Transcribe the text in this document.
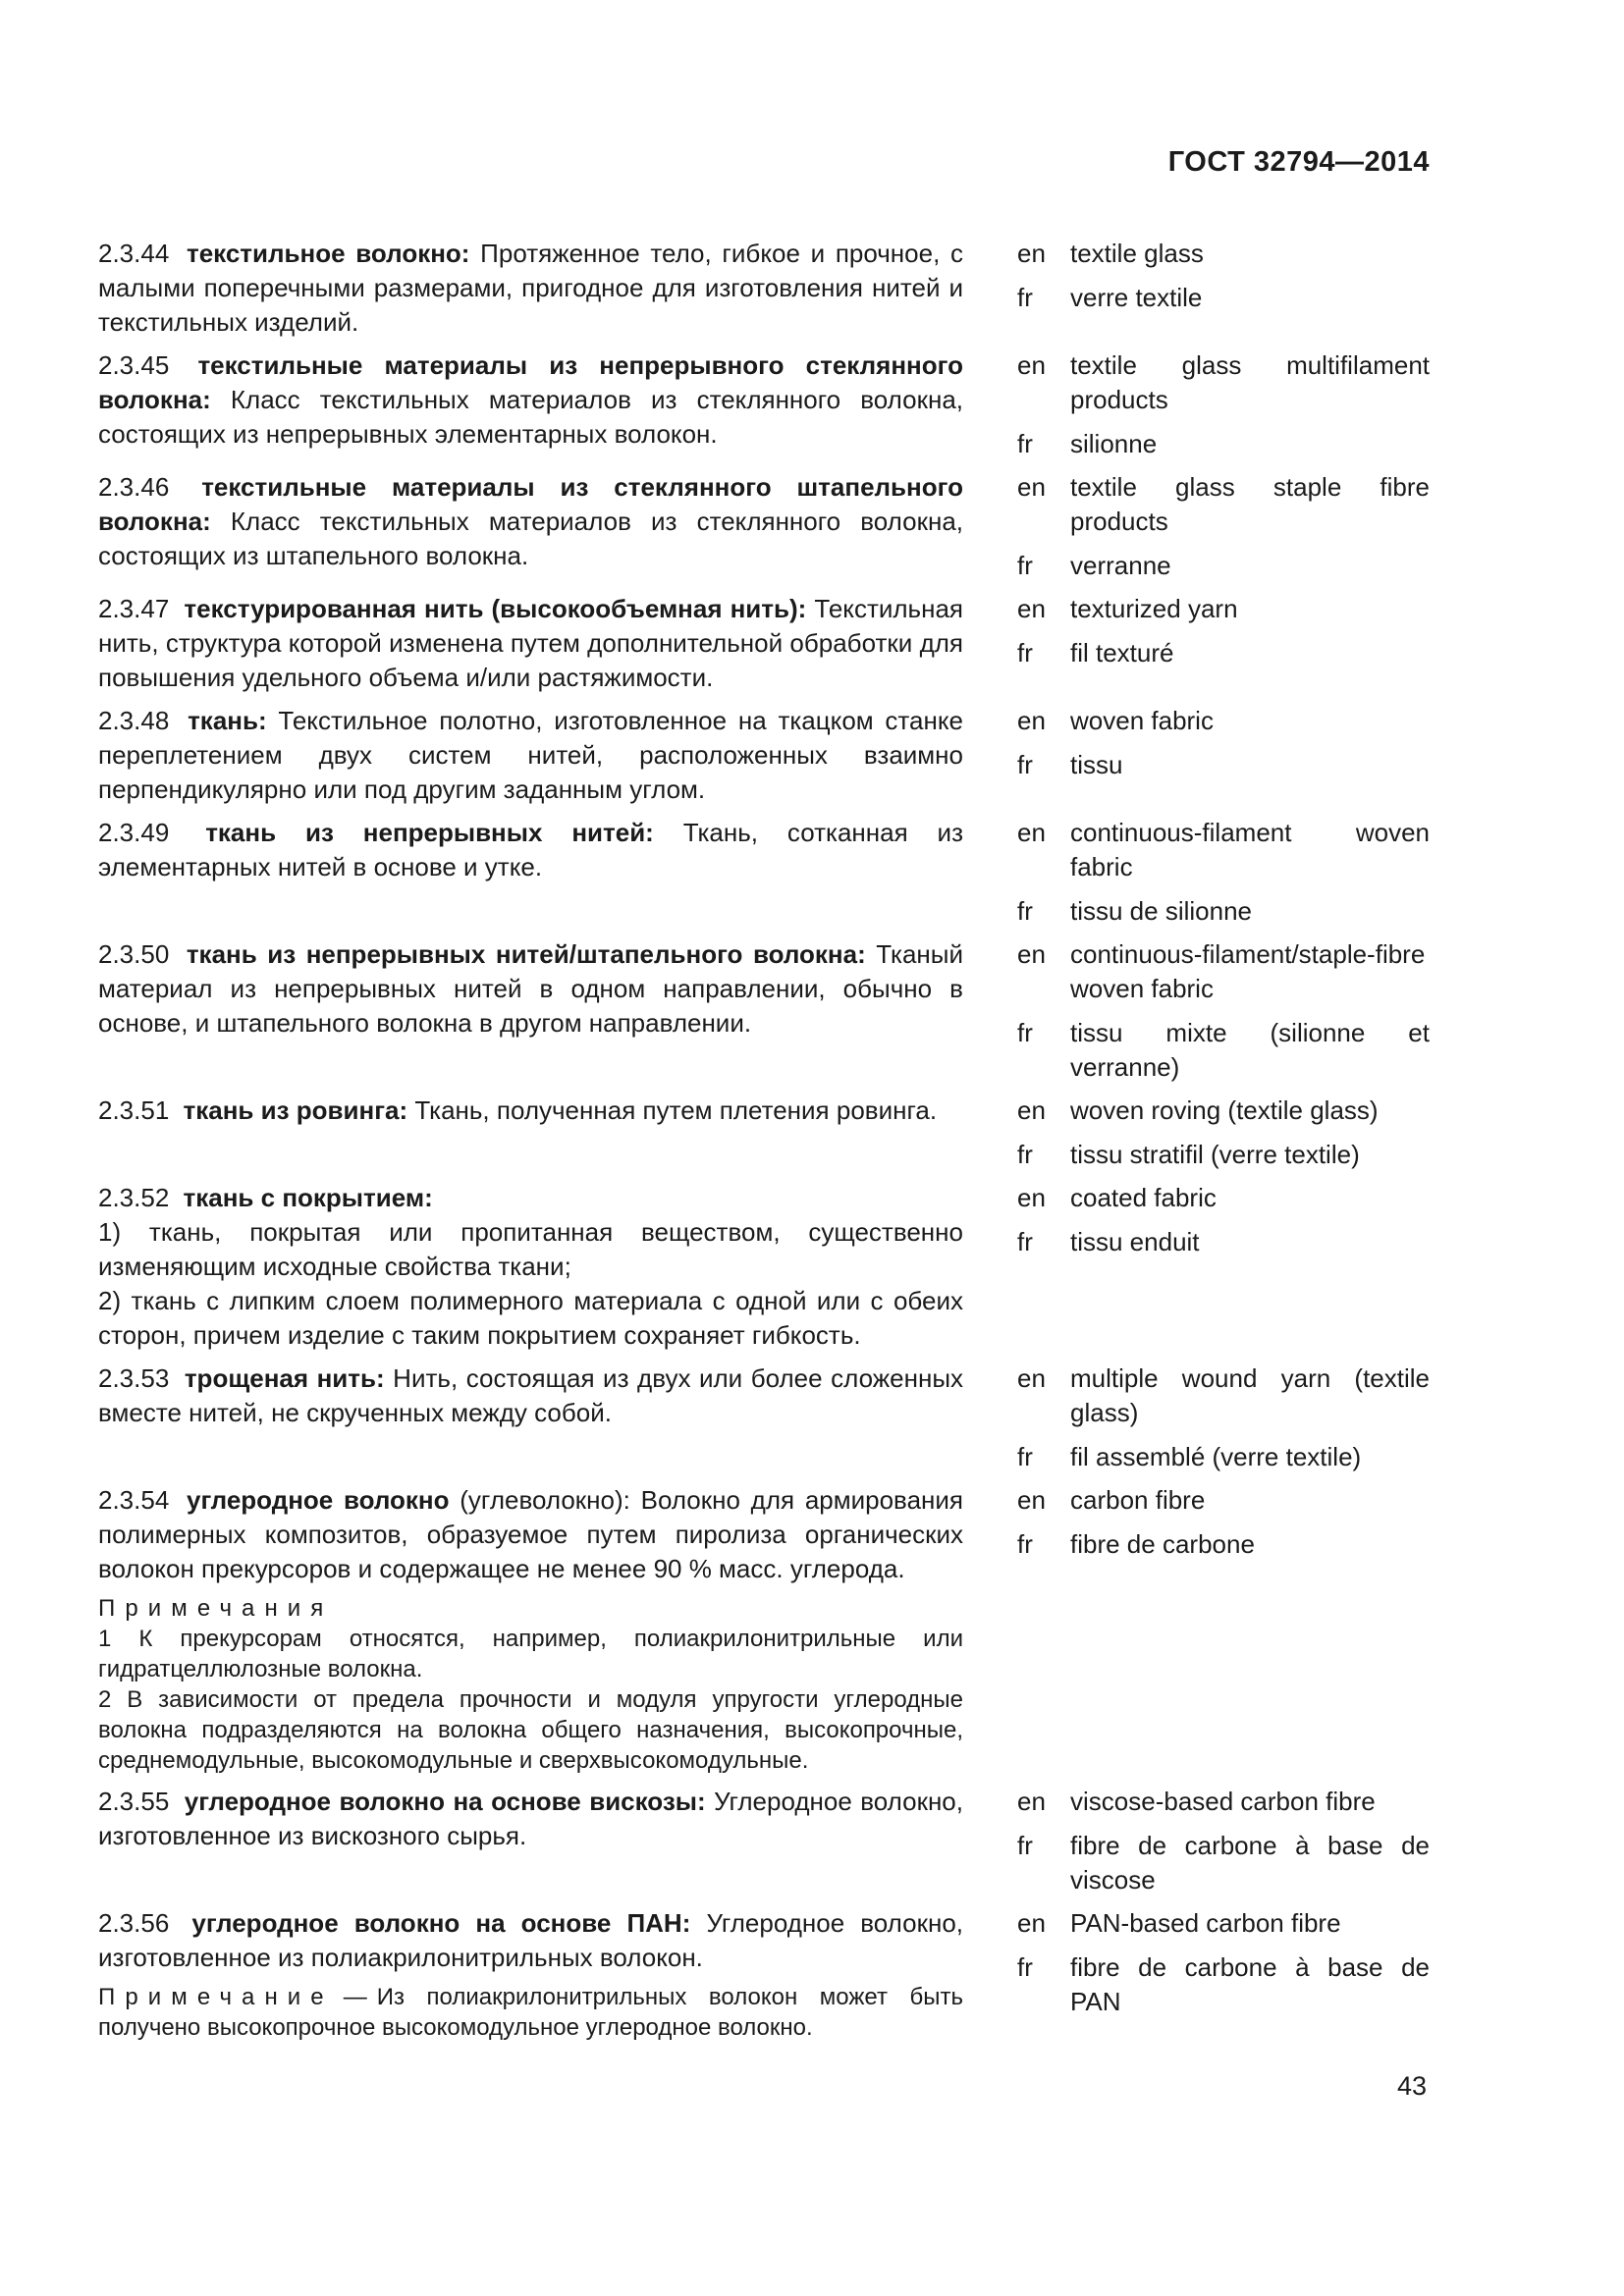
ГОСТ 32794—2014

2.3.44 текстильное волокно: Протяженное тело, гибкое и прочное, с малыми поперечными размерами, пригодное для изготовления нитей и текстильных изделий.

en textile glass
fr	verre textile

2.3.45 текстильные материалы из непрерывного стеклянного волокна: Класс текстильных материалов из стеклянного волокна, состоящих из непрерывных элементарных волокон.

en textile glass multifilament products
fr	silionne

2.3.46 текстильные материалы из стеклянного штапельного волокна: Класс текстильных материалов из стеклянного волокна, состоящих из штапельного волокна.

en textile glass staple fibre products
fr	verranne

2.3.47 текстурированная нить (высокообъемная нить): Текстильная нить, структура которой изменена путем дополнительной обработки для повышения удельного объема и/или растяжимости.

en texturized yarn
fr	fil texturé

2.3.48 ткань: Текстильное полотно, изготовленное на ткацком станке переплетением двух систем нитей, расположенных взаимно перпендикулярно или под другим заданным углом.

en woven fabric
fr	tissu

2.3.49 ткань из непрерывных нитей: Ткань, сотканная из элементарных нитей в основе и утке.

en continuous-filament woven fabric
fr	tissu de silionne

2.3.50 ткань из непрерывных нитей/штапельного волокна: Тканый материал из непрерывных нитей в одном направлении, обычно в основе, и штапельного волокна в другом направлении.

en continuous-filament/staple-fibre woven fabric
fr	tissu mixte (silionne et verranne)

2.3.51 ткань из ровинга: Ткань, полученная путем плетения ровинга.	en woven roving (textile glass)
fr	tissu stratifil (verre textile)

2.3.52 ткань с покрытием:

1) ткань, покрытая или пропитанная веществом, существенно изменяющим исходные свойства ткани;
2) ткань с липким слоем полимерного материала с одной или с обеих сторон, причем изделие с таким покрытием сохраняет гибкость.
en coated fabric
fr	tissu enduit

2.3.53 трощеная нить: Нить, состоящая из двух или более сложенных вместе нитей, не скрученных между собой.

en multiple wound yarn (textile glass)
fr	fil assemblé (verre textile)

2.3.54 углеродное волокно (углеволокно): Волокно для армирования полимерных композитов, образуемое путем пиролиза органических волокон прекурсоров и содержащее не менее 90 % масс. углерода.

Примечания
1 К прекурсорам относятся, например, полиакрилонитрильные или гидратцеллюлозные волокна.
2 В зависимости от предела прочности и модуля упругости углеродные волокна подразделяются на волокна общего назначения, высокопрочные, среднемодульные, высокомодульные и сверхвысокомодульные.
en carbon fibre
fr	fibre de carbone

2.3.55 углеродное волокно на основе вискозы: Углеродное волокно, изготовленное из вискозного сырья.

en viscose-based carbon fibre
fr	fibre de carbone à base de viscose

2.3.56 углеродное волокно на основе ПАН: Углеродное волокно, изготовленное из полиакрилонитрильных волокон.

Примечание — Из полиакрилонитрильных волокон может быть получено высокопрочное высокомодульное углеродное волокно.
en PAN-based carbon fibre
fr	fibre de carbone à base de PAN
43
